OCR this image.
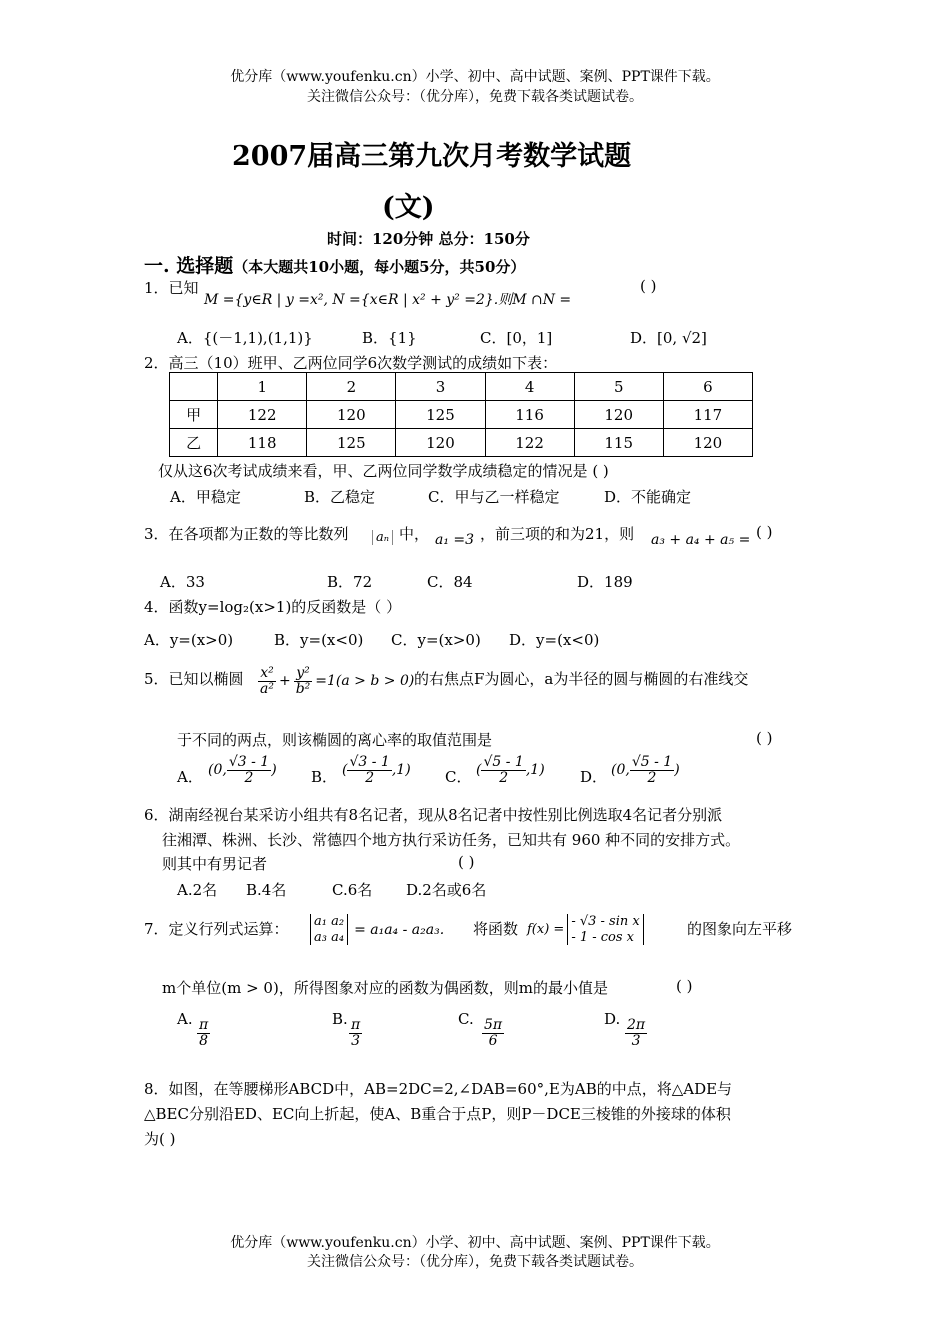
优分库（www.youfenku.cn）小学、初中、高中试题、案例、PPT课件下载。
关注微信公众号：（优分库），免费下载各类试题试卷。
2007届高三第九次月考数学试题
(文)
时间：120分钟 总分：150分
一. 选择题（本大题共10小题，每小题5分，共50分）
1．已知
M ={y∈R | y =x², N ={x∈R | x² + y² =2}.则M ∩N =
( )
A．{(－1,1),(1,1)}	B．{1}	C．[0，1]	D．[0, √2]
2．高三（10）班甲、乙两位同学6次数学测试的成绩如下表：
	1	2	3	4	5	6
甲	122	120	125	116	120	117
乙	118	125	120	122	115	120
仅从这6次考试成绩来看，甲、乙两位同学数学成绩稳定的情况是 ( )
A．甲稳定	B．乙稳定	C．甲与乙一样稳定	D．不能确定
3．在各项都为正数的等比数列	aₙ 中， a₁ =3 ，前三项的和为21，则 a₃ + a₄ + a₅ = ( )
A．33	B．72	C．84	D．189
4．函数y=log₂(x>1)的反函数是（ ）
A．y=(x>0)	B．y=(x<0) C．y=(x>0) D．y=(x<0)
5．已知以椭圆 $\frac{\text{x²}}{\text{a²}} + \frac{\text{y²}}{\text{b²}} =1(a > b > 0)$ 的右焦点F为圆心，a为半径的圆与椭圆的右准线交
于不同的两点，则该椭圆的离心率的取值范围是	( )
A． (0, $\frac{√3 - 1}{2}$ ) B． ( $\frac{√3 - 1}{2} ,1$) C． ( $\frac{√5 - 1}{2} ,1$) D． (0, $\frac{√5 - 1}{2}$ )
6．湖南经视台某采访小组共有8名记者，现从8名记者中按性别比例选取4名记者分别派
往湘潭、株洲、长沙、常德四个地方执行采访任务，已知共有 960 种不同的安排方式。
则其中有男记者	( )
A.2名 B.4名	C.6名 D.2名或6名
7．定义行列式运算： a₁ a₂
a₃ a₄ = a₁a₄ - a₂a₃. 将函数 f(x) =
- √3 - sin x
- 1 - cos x	的图象向左平移
m个单位(m > 0)，所得图象对应的函数为偶函数，则m的最小值是	( )
A. $\frac{\pi}{8}$	B. $\frac{\pi}{3}$	C. $\frac{5\pi}{6}$	D. $\frac{2\pi}{3}$
8．如图，在等腰梯形ABCD中，AB=2DC=2,∠DAB=60°,E为AB的中点，将△ADE与
△BEC分别沿ED、EC向上折起，使A、B重合于点P，则P－DCE三棱锥的外接球的体积
为( )
优分库（www.youfenku.cn）小学、初中、高中试题、案例、PPT课件下载。
关注微信公众号：（优分库），免费下载各类试题试卷。
